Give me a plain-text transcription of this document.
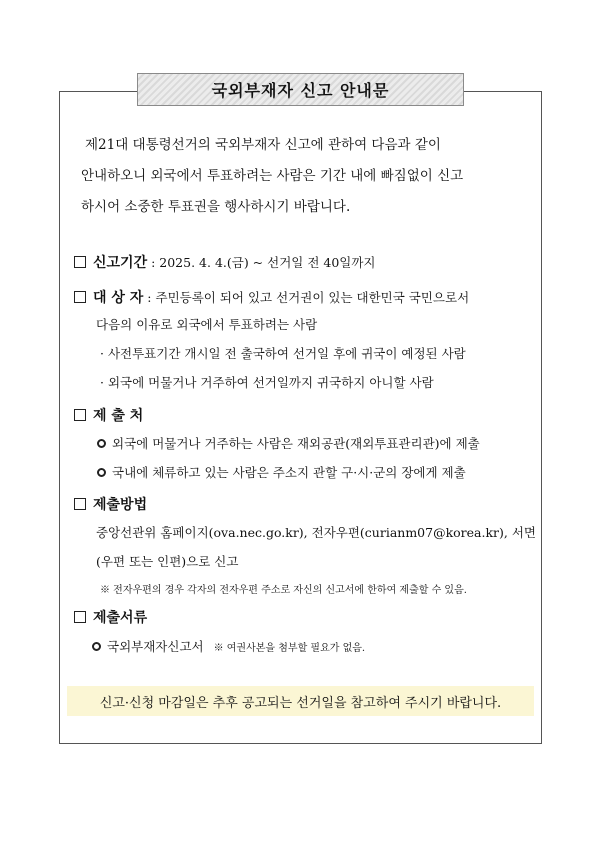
국외부재자 신고 안내문

제21대 대통령선거의 국외부재자 신고에 관하여 다음과 같이

안내하오니 외국에서 투표하려는 사람은 기간 내에 빠짐없이 신고

하시어 소중한 투표권을 행사하시기 바랍니다.

신고기간 : 2025. 4. 4.(금) ~ 선거일 전 40일까지
대 상 자 : 주민등록이 되어 있고 선거권이 있는 대한민국 국민으로서
다음의 이유로 외국에서 투표하려는 사람
· 사전투표기간 개시일 전 출국하여 선거일 후에 귀국이 예정된 사람
· 외국에 머물거나 거주하여 선거일까지 귀국하지 아니할 사람
제 출 처
외국에 머물거나 거주하는 사람은 재외공관(재외투표관리관)에 제출
국내에 체류하고 있는 사람은 주소지 관할 구·시·군의 장에게 제출
제출방법
중앙선관위 홈페이지(ova.nec.go.kr), 전자우편(curianm07@korea.kr), 서면
(우편 또는 인편)으로 신고
※ 전자우편의 경우 각자의 전자우편 주소로 자신의 신고서에 한하여 제출할 수 있음.
제출서류
국외부재자신고서 ※ 여권사본을 첨부할 필요가 없음.
신고·신청 마감일은 추후 공고되는 선거일을 참고하여 주시기 바랍니다.
